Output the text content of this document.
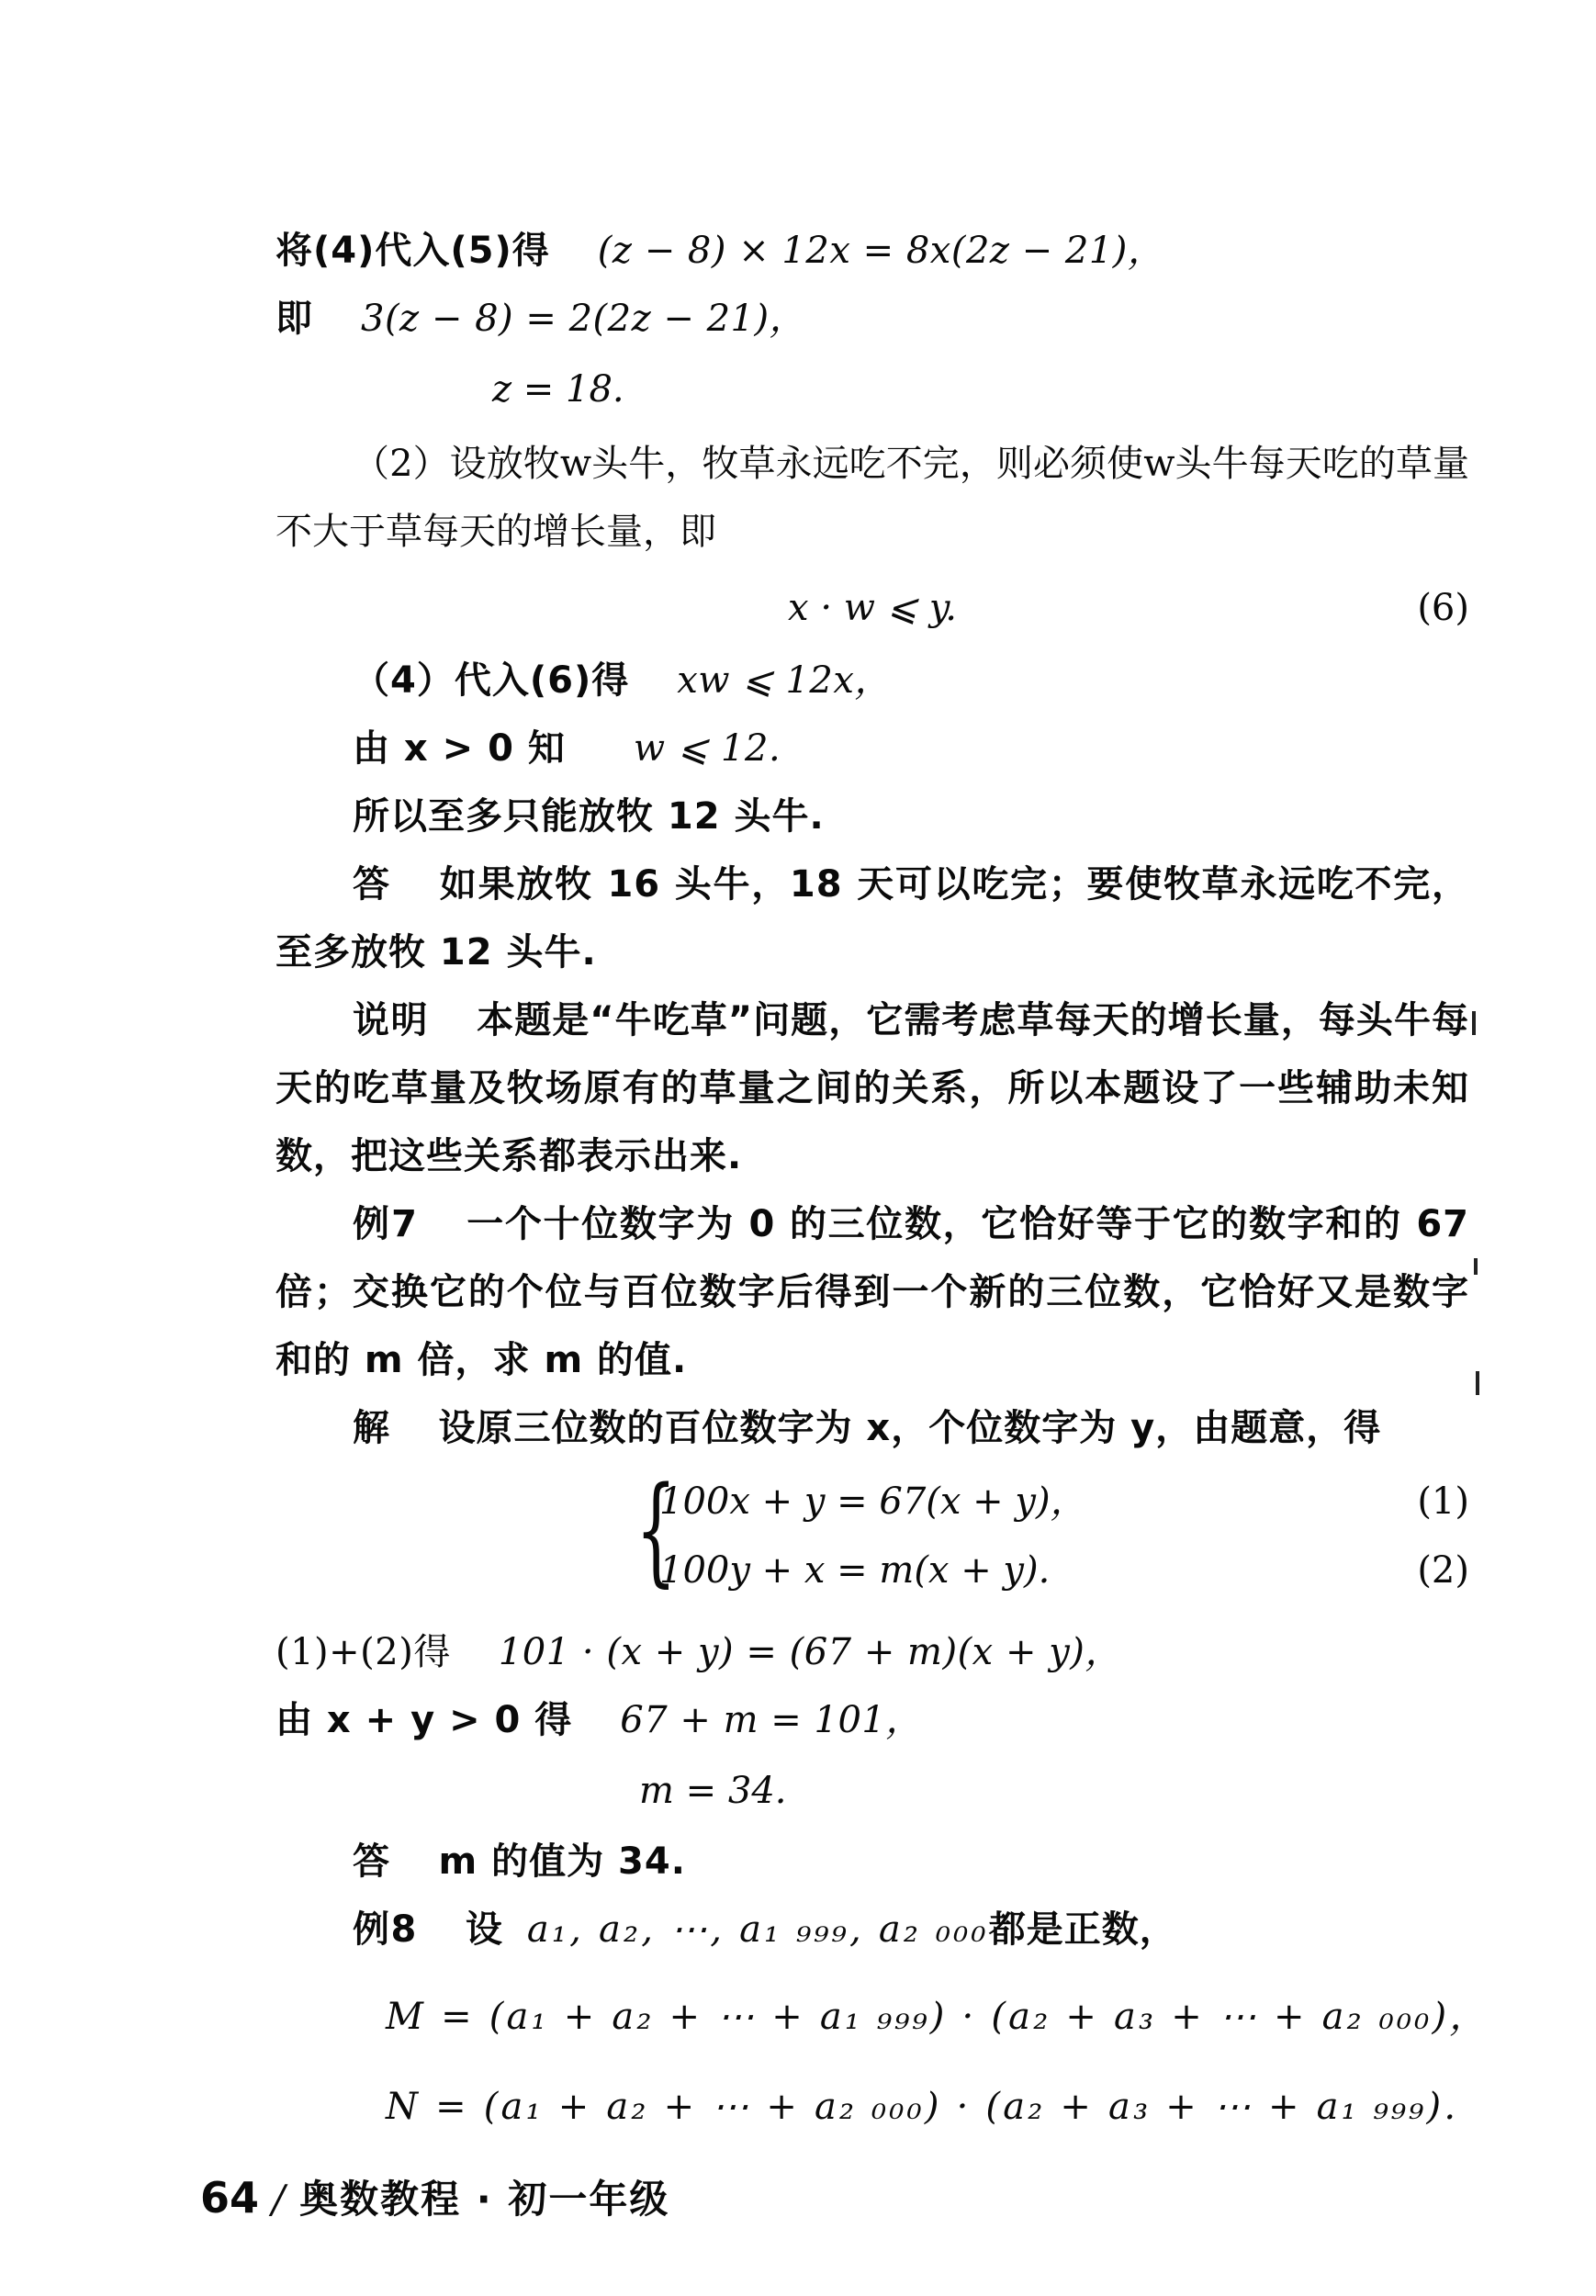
将(4)代入(5)得 (z − 8) × 12x = 8x(2z − 21)，
即 3(z − 8) = 2(2z − 21)，
z = 18.
（2）设放牧w头牛，牧草永远吃不完，则必须使w头牛每天吃的草量不大于草每天的增长量，即
x · w ⩽ y.	(6)
（4）代入(6)得 xw ⩽ 12x，
由 x > 0 知 w ⩽ 12.
所以至多只能放牧 12 头牛.
答 如果放牧 16 头牛，18 天可以吃完；要使牧草永远吃不完，至多放牧 12 头牛.
说明 本题是“牛吃草”问题，它需考虑草每天的增长量，每头牛每天的吃草量及牧场原有的草量之间的关系，所以本题设了一些辅助未知数，把这些关系都表示出来.
例7 一个十位数字为 0 的三位数，它恰好等于它的数字和的 67 倍；交换它的个位与百位数字后得到一个新的三位数，它恰好又是数字和的 m 倍，求 m 的值.
解 设原三位数的百位数字为 x，个位数字为 y，由题意，得
{
100x + y = 67(x + y)，	(1)
100y + x = m(x + y).	(2)
(1)+(2)得 101 · (x + y) = (67 + m)(x + y)，
由 x + y > 0 得 67 + m = 101，
m = 34.
答 m 的值为 34.
例8 设 a₁, a₂, ⋯, a₁ ₉₉₉, a₂ ₀₀₀都是正数，
M = (a₁ + a₂ + ⋯ + a₁ ₉₉₉) · (a₂ + a₃ + ⋯ + a₂ ₀₀₀)，
N = (a₁ + a₂ + ⋯ + a₂ ₀₀₀) · (a₂ + a₃ + ⋯ + a₁ ₉₉₉).
64 / 奥数教程 · 初一年级
